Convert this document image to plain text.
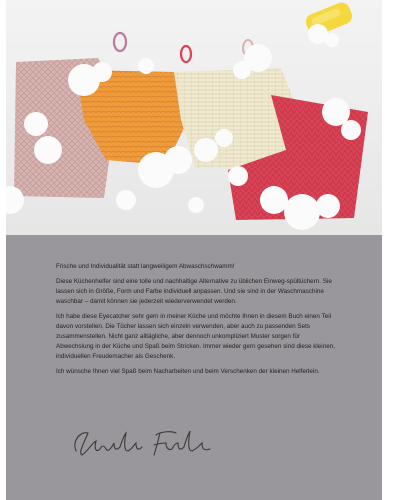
Frische und Individualität statt langweiligem Abwaschschwamm!

Diese Küchenhelfer sind eine tolle und nachhaltige Alternative zu üblichen Einweg-spültüchern. Sie lassen sich in Größe, Form und Farbe individuell anpassen. Und sie sind in der Waschmaschine waschbar – damit können sie jederzeit wiederverwendet werden.

Ich habe diese Eyecatcher sehr gern in meiner Küche und möchte Ihnen in diesem Buch einen Teil davon vorstellen. Die Tücher lassen sich einzeln verwenden, aber auch zu passenden Sets zusammenstellen. Nicht ganz alltägliche, aber dennoch unkompliziert Muster sorgen für Abwechslung in der Küche und Spaß beim Stricken. Immer wieder gern gesehen sind diese kleinen, individuellen Freudemacher als Geschenk.

Ich wünsche Ihnen viel Spaß beim Nacharbeiten und beim Verschenken der kleinen Helferlein.
